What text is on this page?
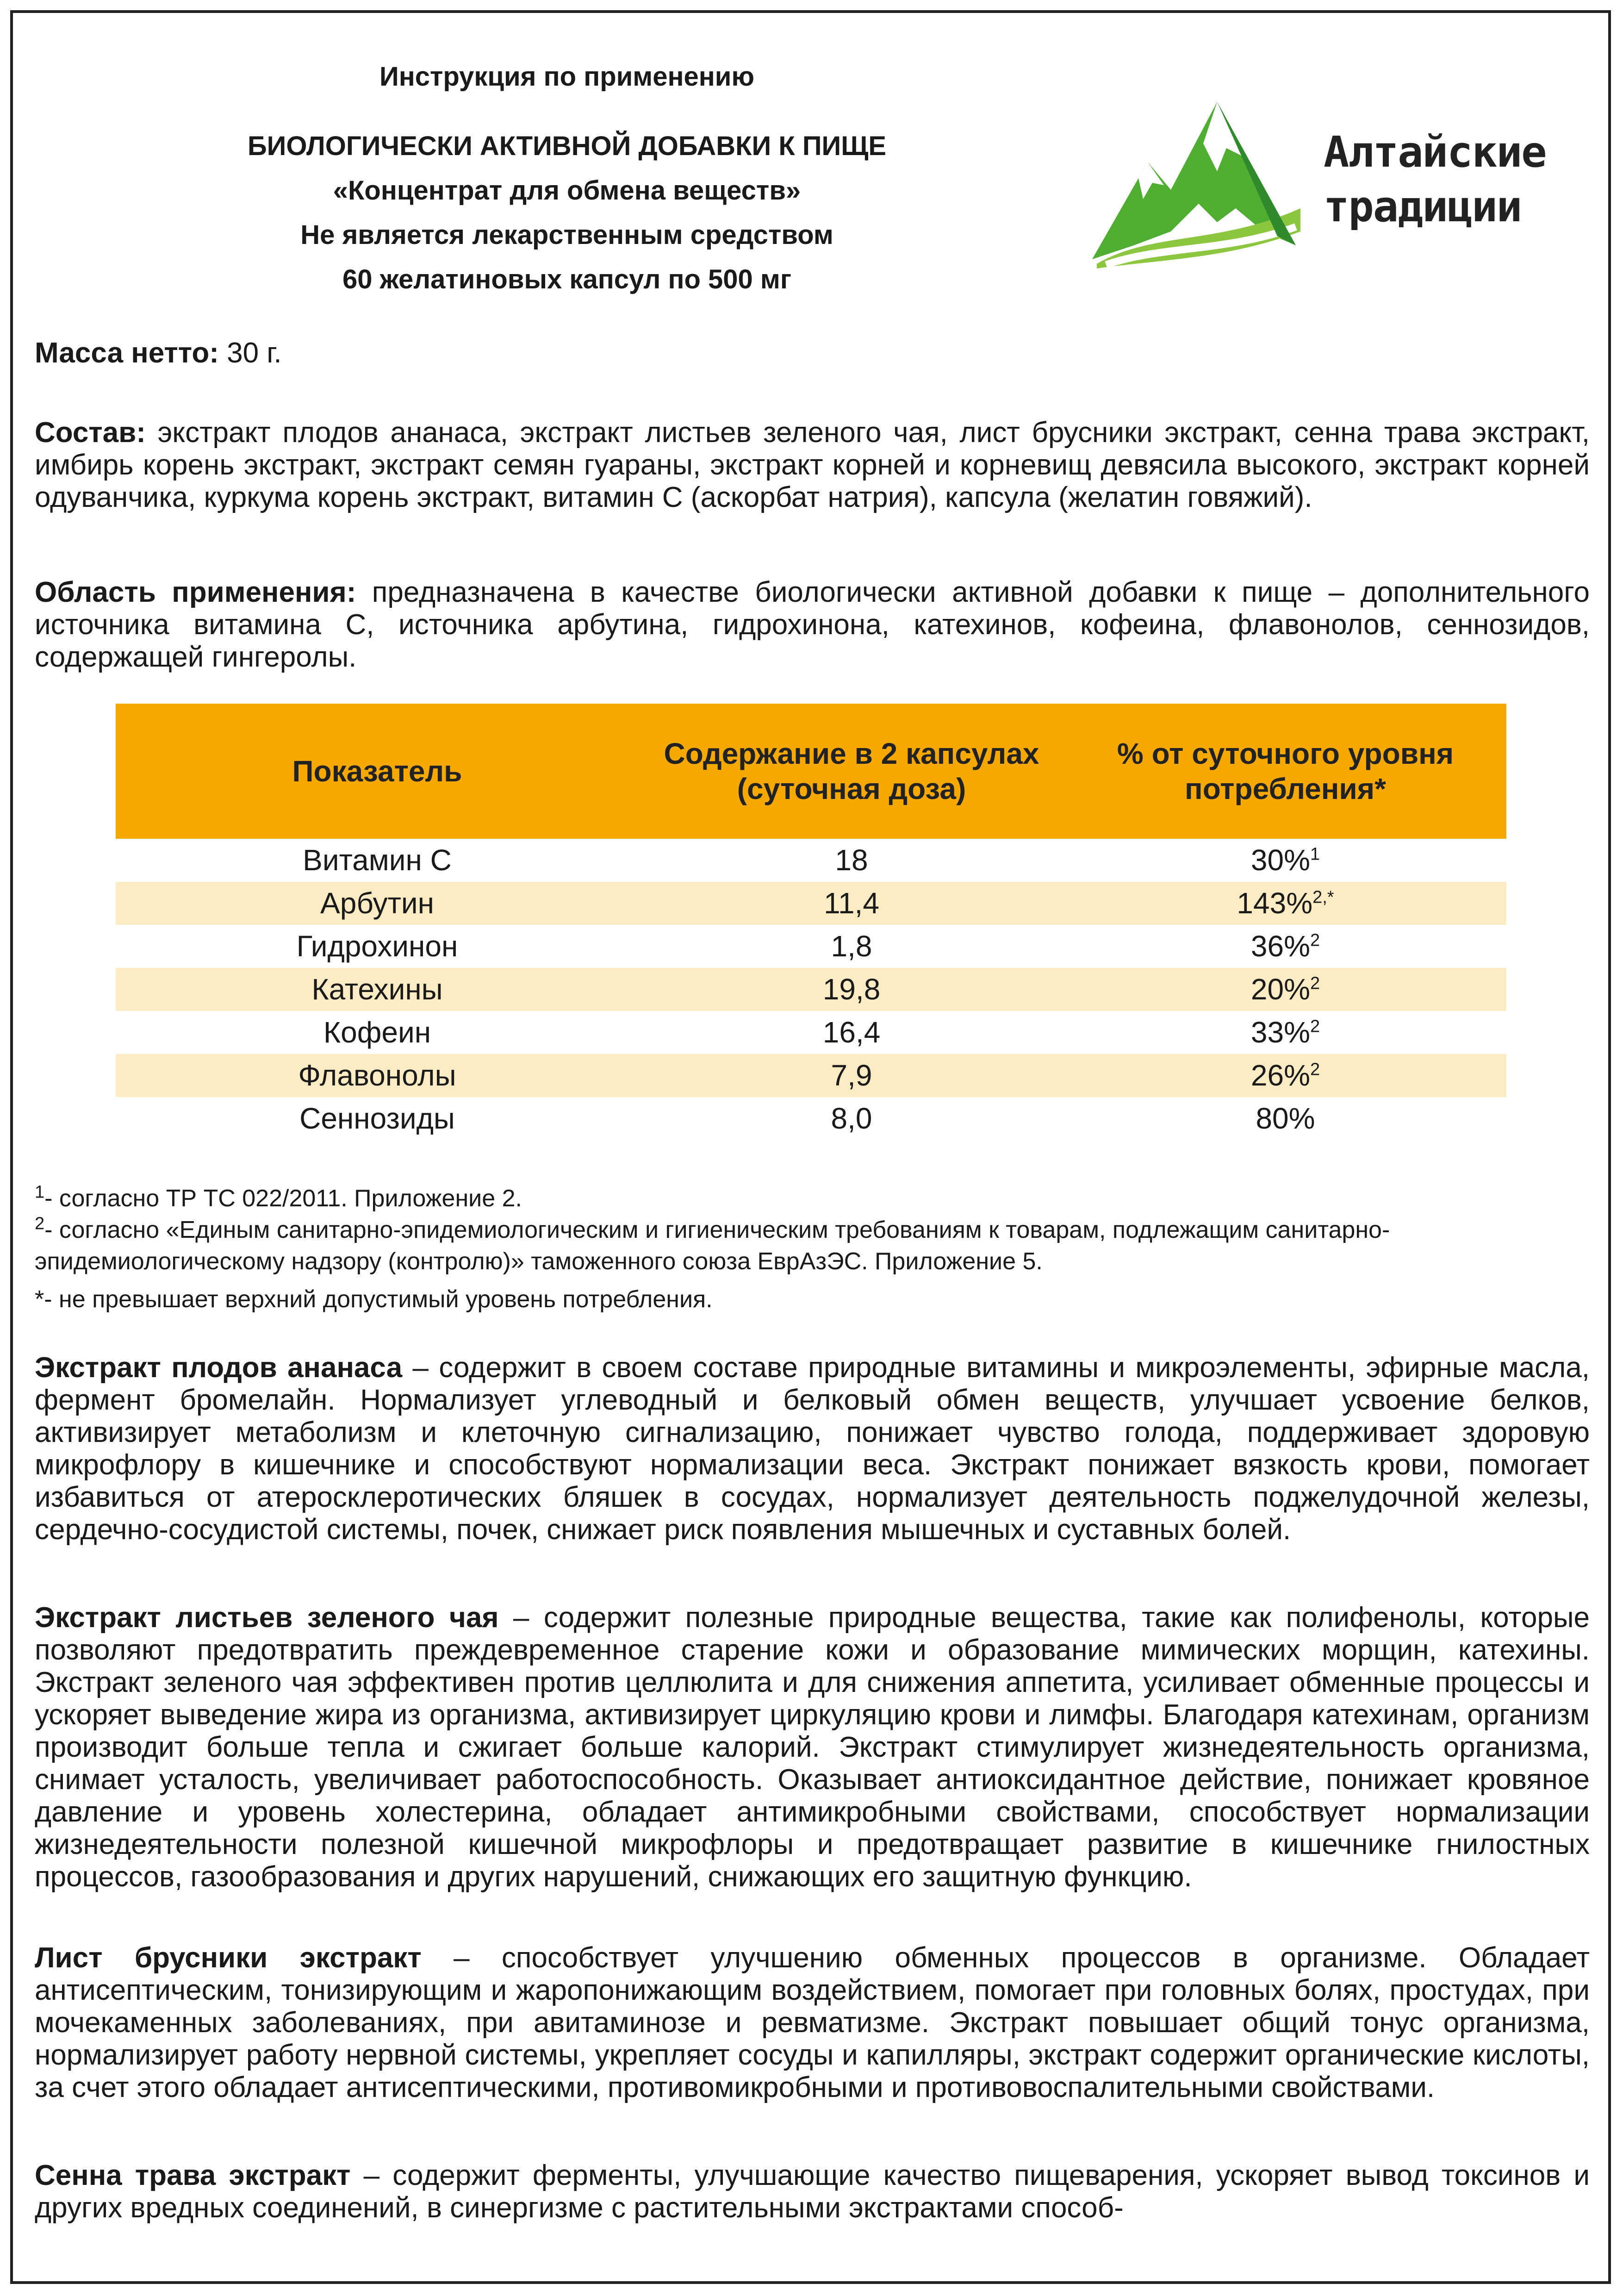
Инструкция по применению
БИОЛОГИЧЕСКИ АКТИВНОЙ ДОБАВКИ К ПИЩЕ
«Концентрат для обмена веществ»
Не является лекарственным средством
60 желатиновых капсул по 500 мг
Алтайские
традиции
Масса нетто: 30 г.
Состав: экстракт плодов ананаса, экстракт листьев зеленого чая, лист брусники экстракт, сенна трава экстракт, имбирь корень экстракт, экстракт семян гуараны, экстракт корней и корневищ девясила высокого, экстракт корней одуванчика, куркума корень экстракт, витамин С (аскорбат натрия), капсула (желатин говяжий).
Область применения: предназначена в качестве биологически активной добавки к пище – дополнительного источника витамина С, источника арбутина, гидрохинона, катехинов, кофеина, флавонолов, сеннозидов, содержащей гингеролы.
Показатель	Содержание в 2 капсулах (суточная доза)	% от суточного уровня потребления*
Витамин С	18	30%$^1$
Арбутин	11,4	143%$^{2,*}$
Гидрохинон	1,8	36%$^2$
Катехины	19,8	20%$^2$
Кофеин	16,4	33%$^2$
Флавонолы	7,9	26%$^2$
Сеннозиды	8,0	80%

$^1$- согласно ТР ТС 022/2011. Приложение 2.

$^2$- согласно «Единым санитарно-эпидемиологическим и гигиеническим требованиям к товарам, подлежащим санитарно-эпидемиологическому надзору (контролю)» таможенного союза ЕврАзЭС. Приложение 5.

*- не превышает верхний допустимый уровень потребления.

Экстракт плодов ананаса – содержит в своем составе природные витамины и микроэлементы, эфирные масла, фермент бромелайн. Нормализует углеводный и белковый обмен веществ, улучшает усвоение белков, активизирует метаболизм и клеточную сигнализацию, понижает чувство голода, поддерживает здоровую микрофлору в кишечнике и способствуют нормализации веса. Экстракт понижает вязкость крови, помогает избавиться от атеросклеротических бляшек в сосудах, нормализует деятельность поджелудочной железы, сердечно-сосудистой системы, почек, снижает риск появления мышечных и суставных болей.
Экстракт листьев зеленого чая – содержит полезные природные вещества, такие как полифенолы, которые позволяют предотвратить преждевременное старение кожи и образование мимических морщин, катехины. Экстракт зеленого чая эффективен против целлюлита и для снижения аппетита, усиливает обменные процессы и ускоряет выведение жира из организма, активизирует циркуляцию крови и лимфы. Благодаря катехинам, организм производит больше тепла и сжигает больше калорий. Экстракт стимулирует жизнедеятельность организма, снимает усталость, увеличивает работоспособность. Оказывает антиоксидантное действие, понижает кровяное давление и уровень холестерина, обладает антимикробными свойствами, способствует нормализации жизнедеятельности полезной кишечной микрофлоры и предотвращает развитие в кишечнике гнилостных процессов, газообразования и других нарушений, снижающих его защитную функцию.
Лист брусники экстракт – способствует улучшению обменных процессов в организме. Обладает антисептическим, тонизирующим и жаропонижающим воздействием, помогает при головных болях, простудах, при мочекаменных заболеваниях, при авитаминозе и ревматизме. Экстракт повышает общий тонус организма, нормализирует работу нервной системы, укрепляет сосуды и капилляры, экстракт содержит органические кислоты, за счет этого обладает антисептическими, противомикробными и противовоспалительными свойствами.
Сенна трава экстракт – содержит ферменты, улучшающие качество пищеварения, ускоряет вывод токсинов и других вредных соединений, в синергизме с растительными экстрактами способ-
